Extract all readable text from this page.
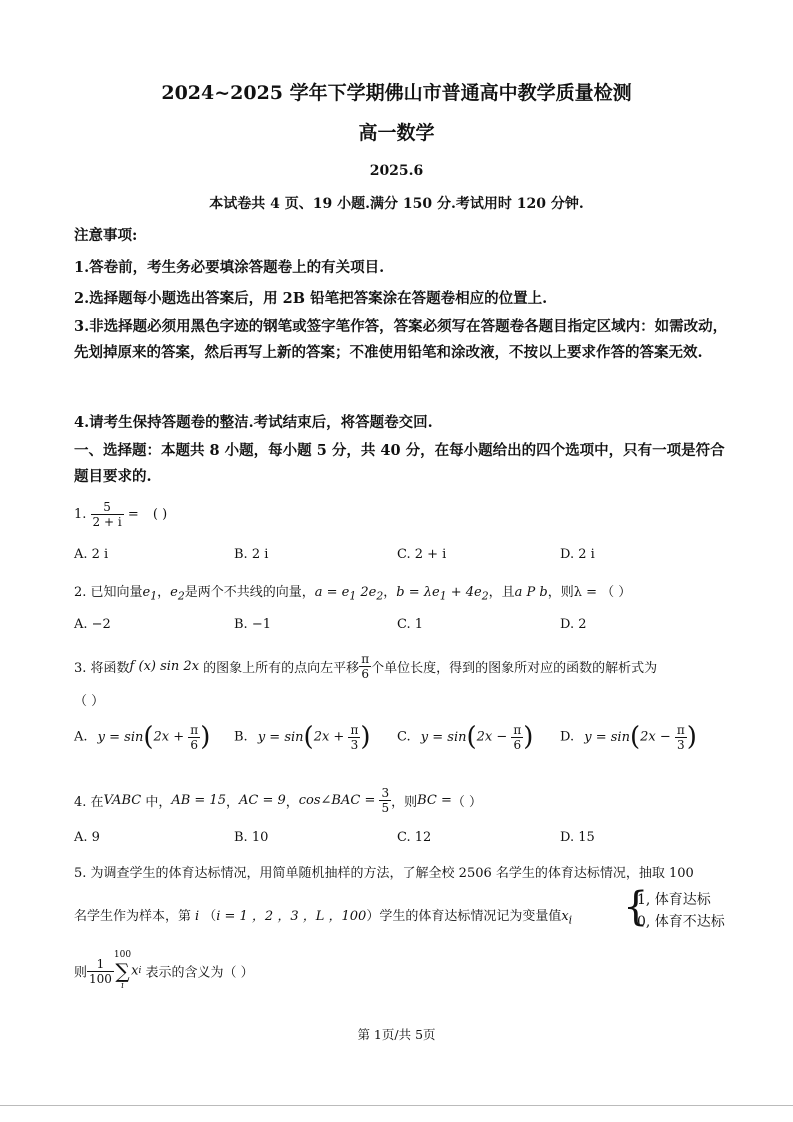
2024~2025 学年下学期佛山市普通高中教学质量检测
高一数学
2025.6
本试卷共 4 页、19 小题.满分 150 分.考试用时 120 分钟.
注意事项:
1.答卷前，考生务必要填涂答题卷上的有关项目.
2.选择题每小题选出答案后，用 2B 铅笔把答案涂在答题卷相应的位置上.
3.非选择题必须用黑色字迹的钢笔或签字笔作答，答案必须写在答题卷各题目指定区域内：如需改动，先划掉原来的答案，然后再写上新的答案；不准使用铅笔和涂改液，不按以上要求作答的答案无效.
4.请考生保持答题卷的整洁.考试结束后，将答题卷交回.
一、选择题：本题共 8 小题，每小题 5 分，共 40 分，在每小题给出的四个选项中，只有一项是符合题目要求的.
1. $\frac{5}{2 + i}$ = ( )
A. 2 i	B. 2 i	C. 2 + i	D. 2 i
2. 已知向量$e_1$，$e_2$是两个不共线的向量，$a = e_1$ $2e_2$，$b = \lambda e_1 + 4e_2$，且a P b，则λ = （ ）
A. −2	B. −1	C. 1	D. 2
3. 将函数f (x) sin 2x 的图象上所有的点向左平移 $\frac{\pi}{6}$ 个单位长度，得到的图象所对应的函数的解析式为
（ ）
A. $y = \sin(2x + \frac{\pi}{6}$ ) B. $y = \sin(2x + \frac{\pi}{3}$ ) C. $y = \sin(2x - \frac{\pi}{6}$ ) D. $y = \sin(2x - \frac{\pi}{3}$ )
4. 在VABC 中，AB = 15，AC = 9，cos∠BAC = $\frac{3}{5}$ ，则BC =（ ）
A. 9	B. 10	C. 12	D. 15
5. 为调查学生的体育达标情况，用简单随机抽样的方法，了解全校 2506 名学生的体育达标情况，抽取 100
名学生作为样本，第 i （i = 1 ，2 ，3 ，L ，100）学生的体育达标情况记为变量值$x_i$ {
1, 体育达标
0, 体育不达标
则 $\frac{1}{100}$
100
∑
i
xi 表示的含义为（ ）
第 1页/共 5页
